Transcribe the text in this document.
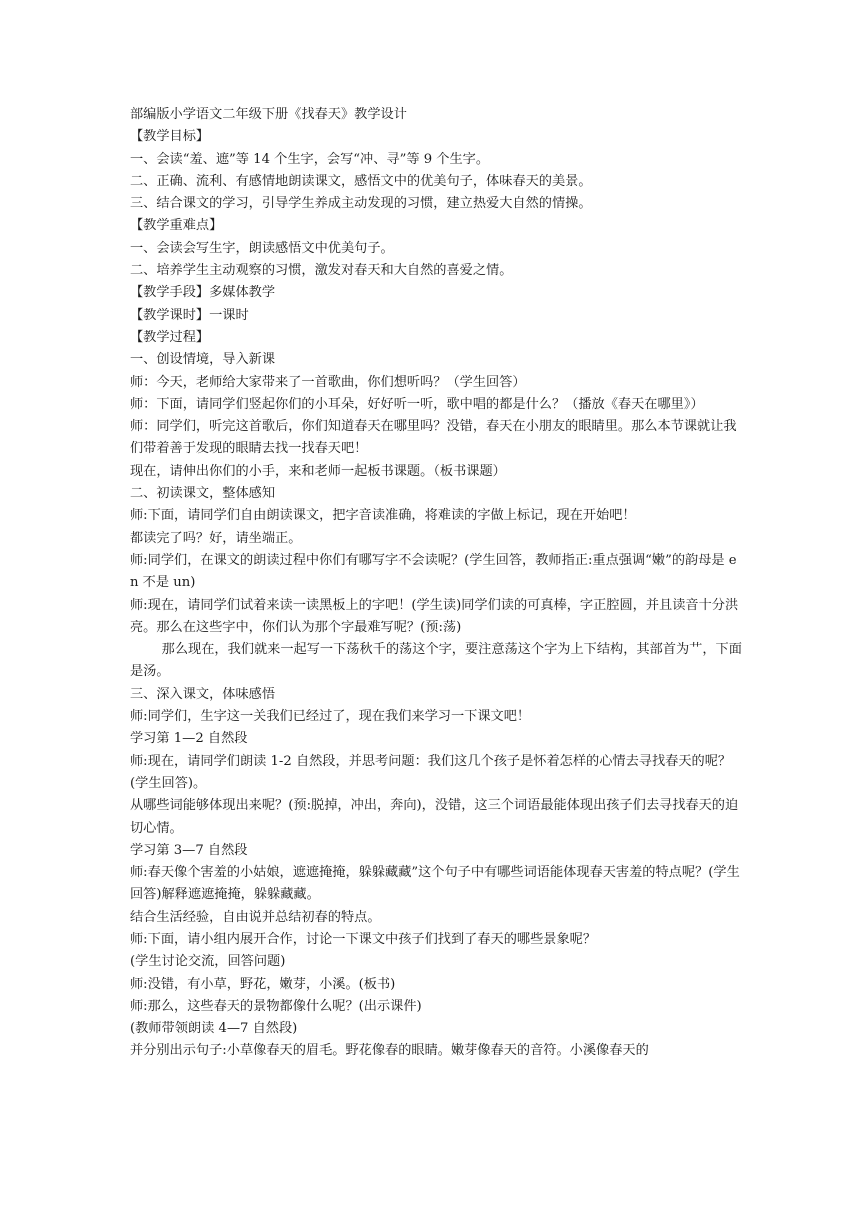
部编版小学语文二年级下册《找春天》教学设计

【教学目标】

一、会读“羞、遮”等 14 个生字，会写“冲、寻”等 9 个生字。

二、正确、流利、有感情地朗读课文，感悟文中的优美句子，体味春天的美景。

三、结合课文的学习，引导学生养成主动发现的习惯，建立热爱大自然的情操。

【教学重难点】

一、会读会写生字，朗读感悟文中优美句子。

二、培养学生主动观察的习惯，激发对春天和大自然的喜爱之情。

【教学手段】多媒体教学

【教学课时】一课时

【教学过程】

一、创设情境，导入新课

师：今天，老师给大家带来了一首歌曲，你们想听吗？（学生回答）

师：下面，请同学们竖起你们的小耳朵，好好听一听，歌中唱的都是什么？（播放《春天在哪里》）

师：同学们，听完这首歌后，你们知道春天在哪里吗？没错，春天在小朋友的眼睛里。那么本节课就让我们带着善于发现的眼睛去找一找春天吧！

现在，请伸出你们的小手，来和老师一起板书课题。（板书课题）

二、初读课文，整体感知

师:下面，请同学们自由朗读课文，把字音读准确，将难读的字做上标记，现在开始吧！

都读完了吗？好，请坐端正。

师:同学们，在课文的朗读过程中你们有哪写字不会读呢？(学生回答，教师指正:重点强调“嫩”的韵母是 en 不是 un)

师:现在，请同学们试着来读一读黑板上的字吧！(学生读)同学们读的可真棒，字正腔圆，并且读音十分洪亮。那么在这些字中，你们认为那个字最难写呢？(预:荡)

那么现在，我们就来一起写一下荡秋千的荡这个字，要注意荡这个字为上下结构，其部首为艹，下面是汤。

三、深入课文，体味感悟

师:同学们，生字这一关我们已经过了，现在我们来学习一下课文吧！

学习第 1—2 自然段

师:现在，请同学们朗读 1-2 自然段，并思考问题：我们这几个孩子是怀着怎样的心情去寻找春天的呢？(学生回答)。

从哪些词能够体现出来呢？(预:脱掉，冲出，奔向)，没错，这三个词语最能体现出孩子们去寻找春天的迫切心情。

学习第 3—7 自然段

师:春天像个害羞的小姑娘，遮遮掩掩，躲躲藏藏”这个句子中有哪些词语能体现春天害羞的特点呢？(学生回答)解释遮遮掩掩，躲躲藏藏。

结合生活经验，自由说并总结初春的特点。

师:下面，请小组内展开合作，讨论一下课文中孩子们找到了春天的哪些景象呢？

(学生讨论交流，回答问题)

师:没错，有小草，野花，嫩芽，小溪。(板书)

师:那么，这些春天的景物都像什么呢？(出示课件)

(教师带领朗读 4—7 自然段)

并分别出示句子:小草像春天的眉毛。野花像春的眼睛。嫩芽像春天的音符。小溪像春天的
